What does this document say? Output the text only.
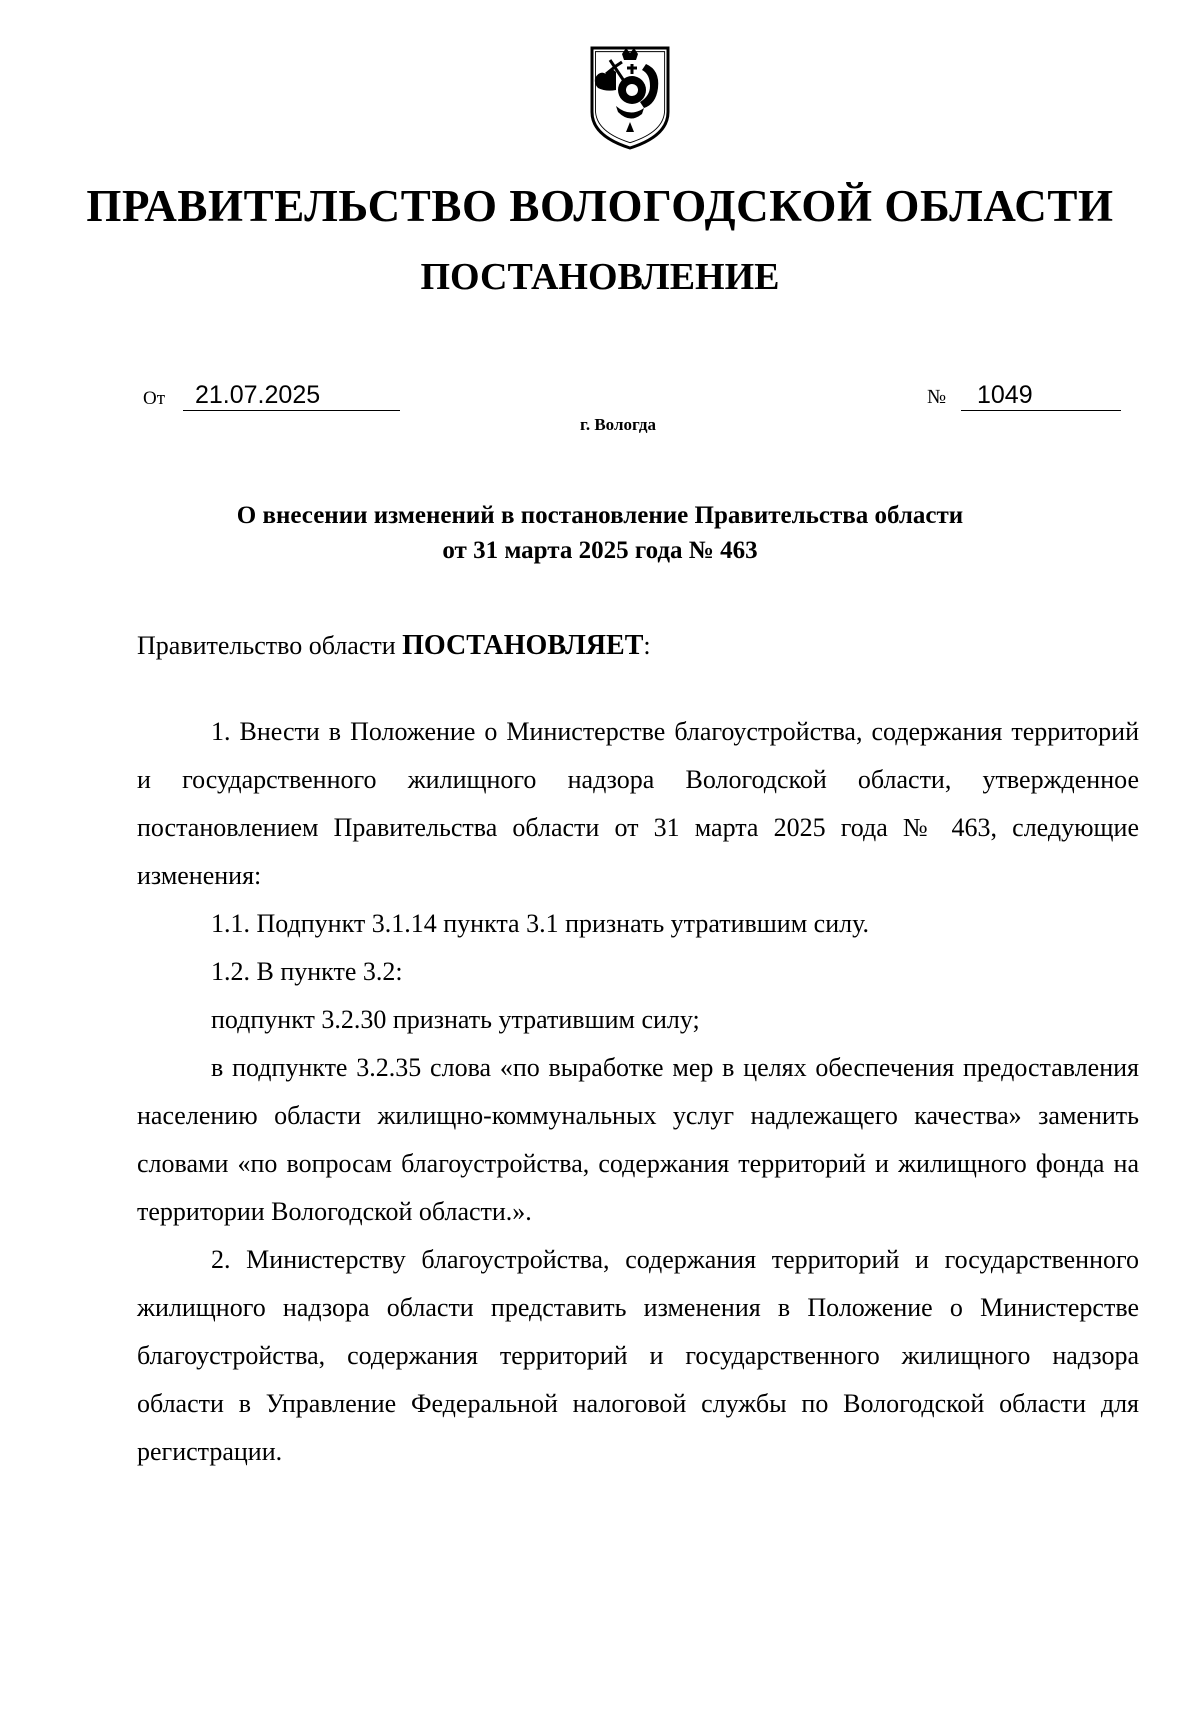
ПРАВИТЕЛЬСТВО ВОЛОГОДСКОЙ ОБЛАСТИ
ПОСТАНОВЛЕНИЕ
От	21.07.2025	№	1049
г. Вологда
О внесении изменений в постановление Правительства области
от 31 марта 2025 года № 463
Правительство области ПОСТАНОВЛЯЕТ:

1. Внести в Положение о Министерстве благоустройства, содержания территорий и государственного жилищного надзора Вологодской области, утвержденное постановлением Правительства области от 31 марта 2025 года № 463, следующие изменения:

1.1. Подпункт 3.1.14 пункта 3.1 признать утратившим силу.

1.2. В пункте 3.2:

подпункт 3.2.30 признать утратившим силу;

в подпункте 3.2.35 слова «по выработке мер в целях обеспечения предоставления населению области жилищно-коммунальных услуг надлежащего качества» заменить словами «по вопросам благоустройства, содержания территорий и жилищного фонда на территории Вологодской области.».

2. Министерству благоустройства, содержания территорий и государственного жилищного надзора области представить изменения в Положение о Министерстве благоустройства, содержания территорий и государственного жилищного надзора области в Управление Федеральной налоговой службы по Вологодской области для регистрации.
